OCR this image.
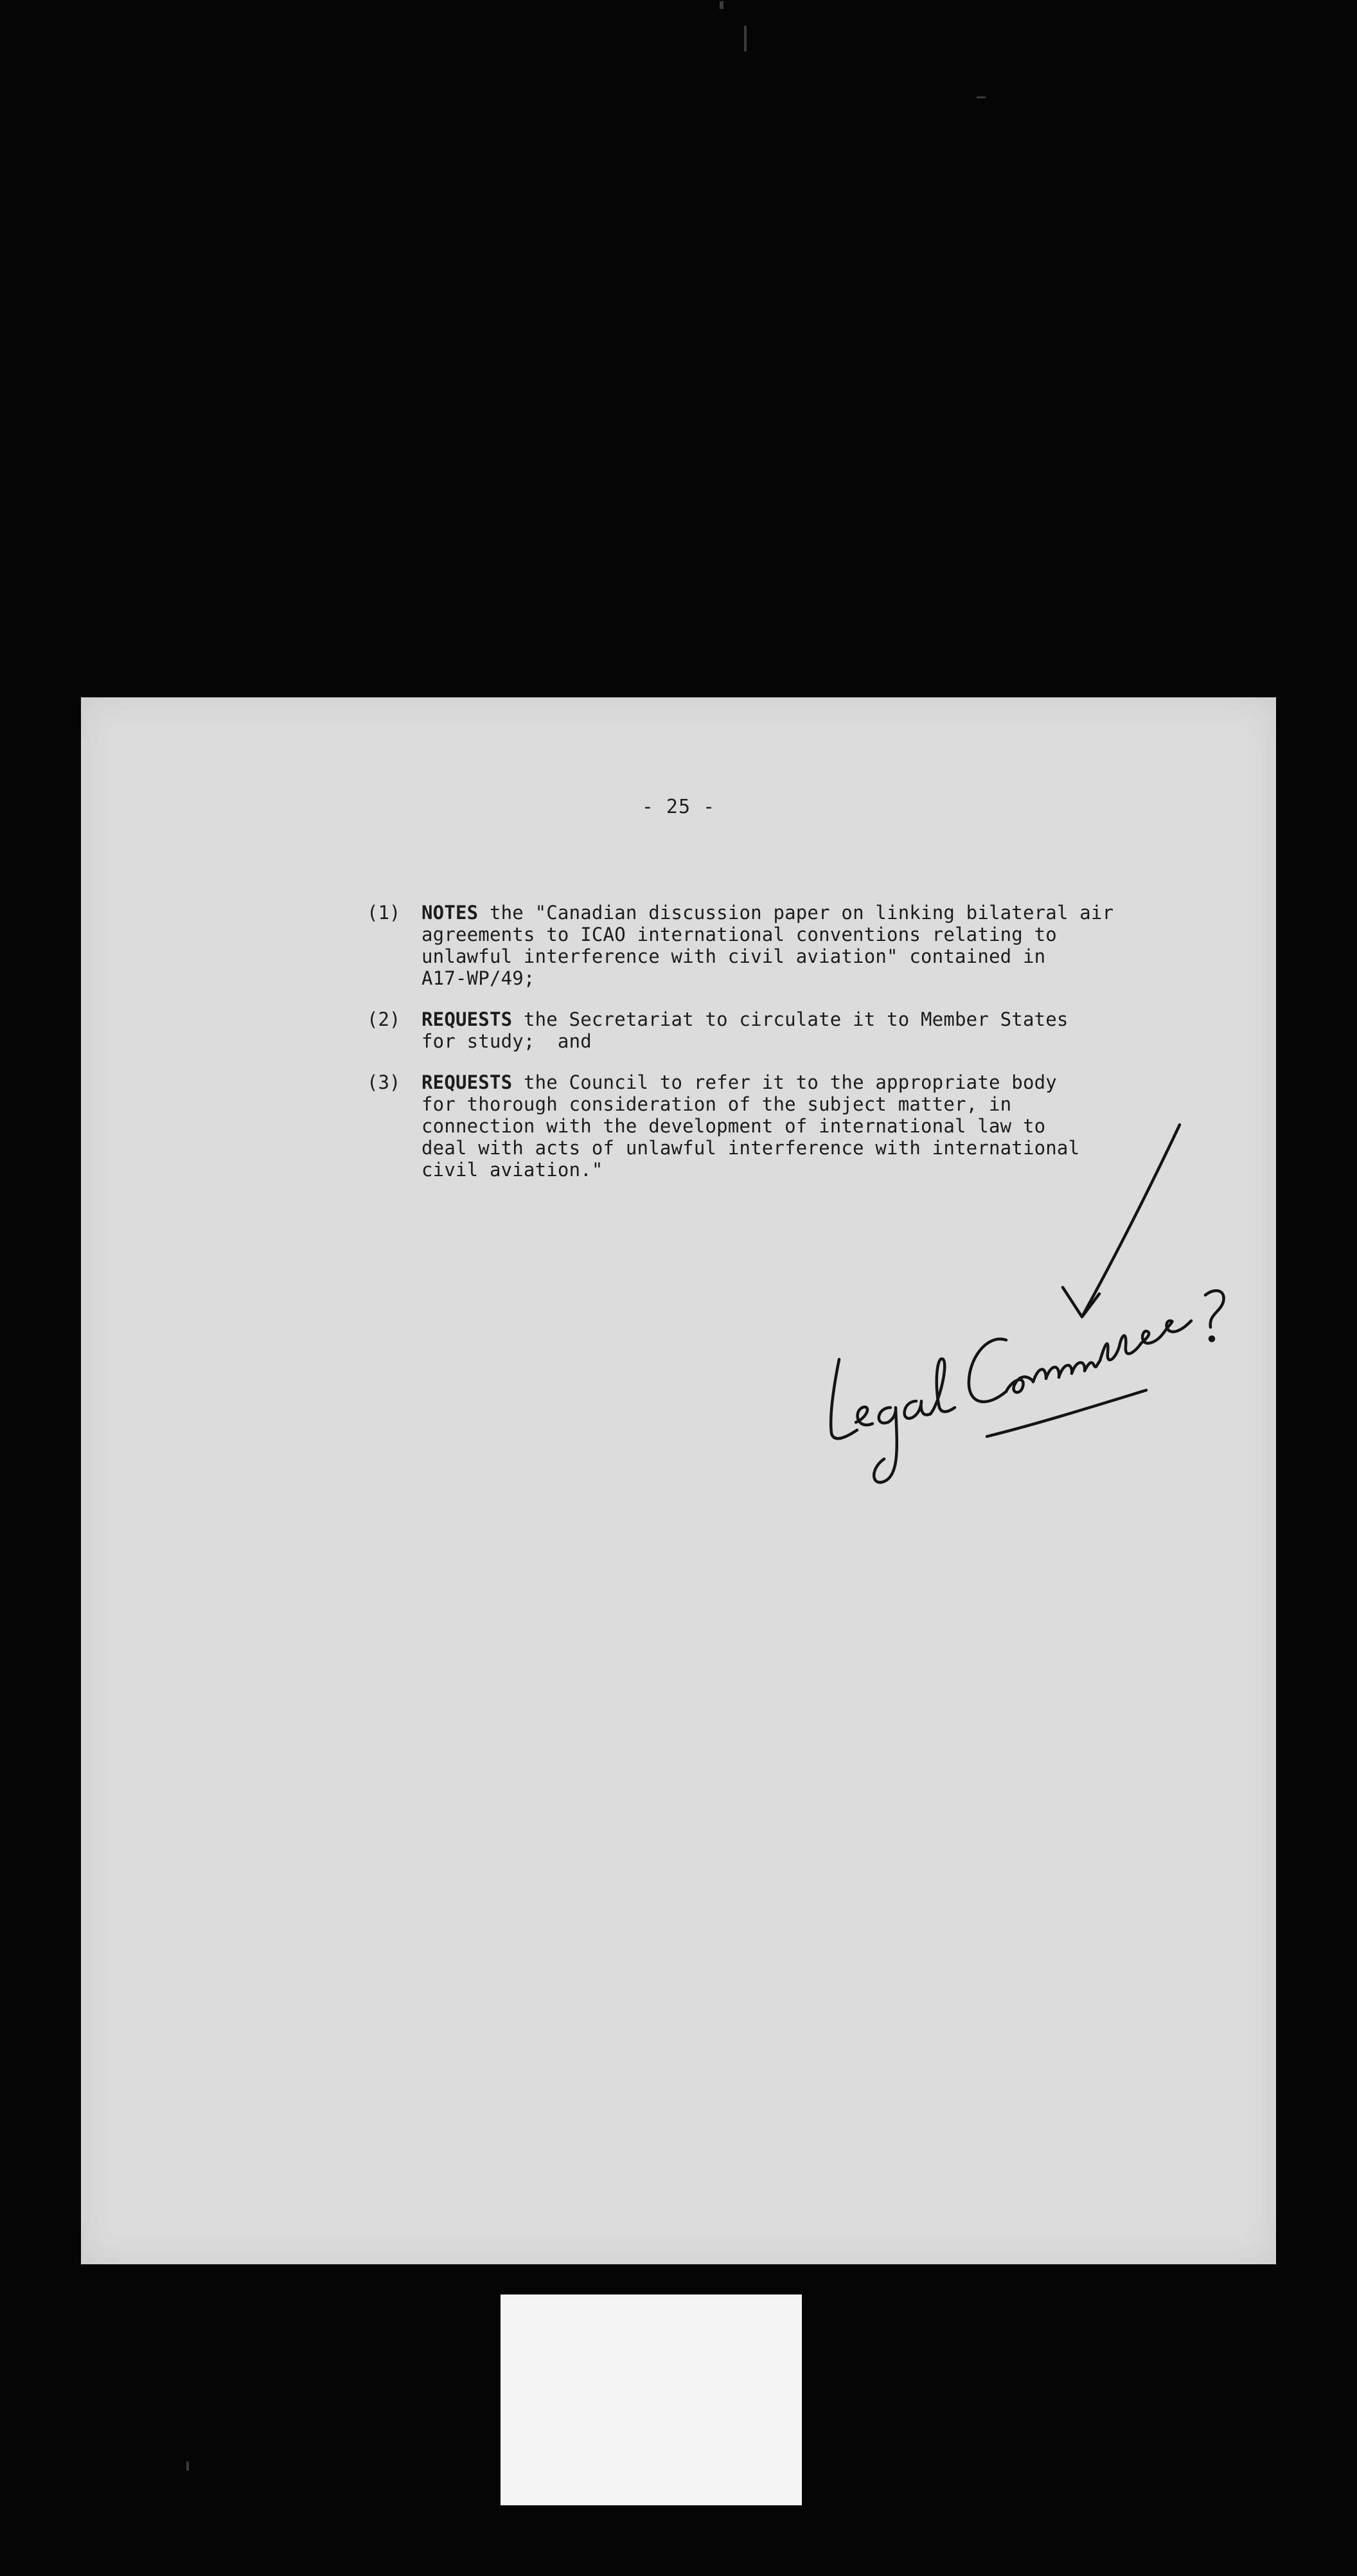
- 25 -
(1)	NOTES the "Canadian discussion paper on linking bilateral air
agreements to ICAO international conventions relating to
unlawful interference with civil aviation" contained in
A17-WP/49;
(2)	REQUESTS the Secretariat to circulate it to Member States
for study;  and
(3)	REQUESTS the Council to refer it to the appropriate body
for thorough consideration of the subject matter, in
connection with the development of international law to
deal with acts of unlawful interference with international
civil aviation."
